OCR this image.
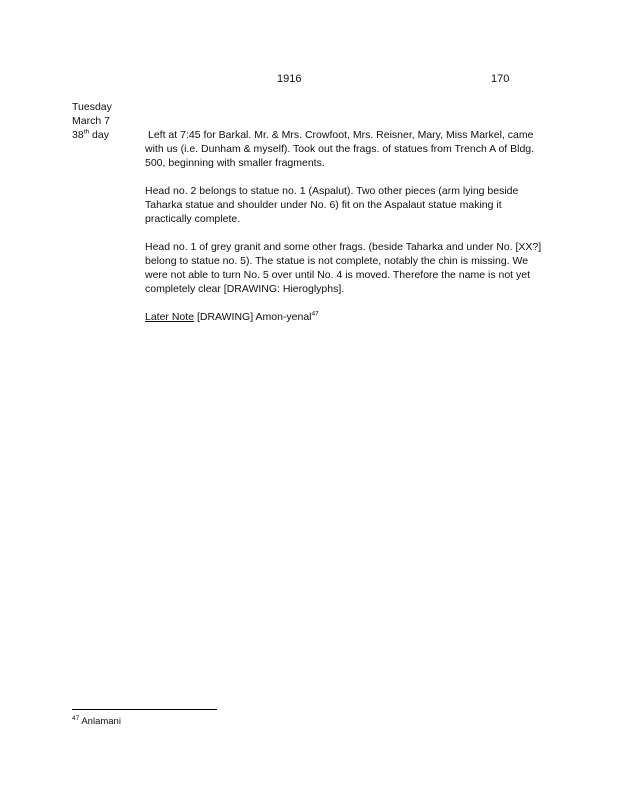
1916	170
Tuesday
March 7
38th day	Left at 7:45 for Barkal. Mr. & Mrs. Crowfoot, Mrs. Reisner, Mary, Miss Markel, came with us (i.e. Dunham & myself). Took out the frags. of statues from Trench A of Bldg. 500, beginning with smaller fragments.

Head no. 2 belongs to statue no. 1 (Aspalut). Two other pieces (arm lying beside Taharka statue and shoulder under No. 6) fit on the Aspalaut statue making it practically complete.

Head no. 1 of grey granit and some other frags. (beside Taharka and under No. [XX?] belong to statue no. 5). The statue is not complete, notably the chin is missing. We were not able to turn No. 5 over until No. 4 is moved. Therefore the name is not yet completely clear [DRAWING: Hieroglyphs].

Later Note [DRAWING] Amon-yenal$^{47}$

$^{47}$ Anlamani
